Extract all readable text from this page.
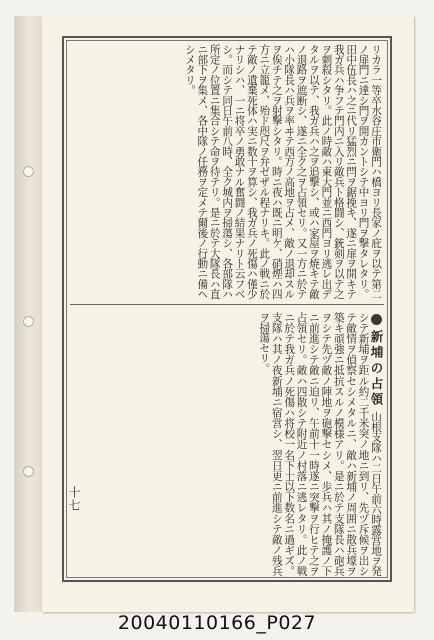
リカラ一等卒水谷庄市衛門ハ橋ヨリ長家ノ庇ヲ以テ第二ノ扉門ニ達シ門ヲ開カントシテ中ヨリ門ヲ撃タレタリ。田中伍長ハ之ニ代リ猛烈ニ閂ヲ鋸挽キ、遂ニ扉ヲ開キテ我ガ兵ハ争フテ門内ニ入リ敵兵ト格闘シ、銃剣ヲ以テ之ヲ刺殺シタリ。此ノ時敵ハ東大門並ニ西門ヨリ逃レ出デタルヲ以テ、我ガ兵ハ之ヲ追撃シ、或ハ家屋ヲ焼キテ敵ノ退路ヲ遮断シ、遂ニ全ク之ヲ占領セリ。又一方ニ於テハ小隊長ハ兵ヲ率ヰテ西方ノ高地ヲ占メ、敵ノ退却スルヲ俟チテ之ヲ射撃シタリ。時ニ夜ハ既ニ明ケ、硝煙ハ四方ニ立籠メ、殆ド咫尺ヲ弁ゼザル程ナリキ。此ノ戦ニ於テ敵ノ遺棄死体ハ実ニ数十ヲ算シ、我ガ兵ノ死傷ハ僅少ナリシハ、一ニ将卒ノ勇敢ナル奮闘ノ結果ナリト云フベシ。而シテ同日午前八時、全ク城内ヲ掃蕩シ、各部隊ハ所定ノ位置ニ集合シテ命ヲ待テリ。是ニ於テ大隊長ハ直ニ部下ヲ集メ、各中隊ノ任務ヲ定メテ爾後ノ行動ニ備ヘシメタリ。
新埔の占領 山根支隊ハ二日午前六時露営地ヲ発シテ新埔ヲ距ル約二千米突ノ地ニ到リ、先ヅ斥候ヲ出シテ敵情ヲ偵察セシメタルニ、敵ハ新埔ノ周囲ニ散兵壕ヲ築キ頑強ニ抵抗スルノ模様アリ。是ニ於テ支隊長ハ砲兵ヲシテ先ヅ敵ノ陣地ヲ砲撃セシメ、歩兵ハ其ノ掩護ノ下ニ前進シテ敵ニ迫リ、午前十一時遂ニ突撃ヲ行ヒテ之ヲ占領セリ。敵ハ四散シテ附近ノ村落ニ逃レタリ。此ノ戦ニ於テ我ガ兵ノ死傷ハ将校一名下士以下数名ニ過ギズ。支隊ハ其ノ夜新埔ニ宿営シ、翌日更ニ前進シテ敵ノ残兵ヲ掃蕩セリ。
十七
20040110166_P027
